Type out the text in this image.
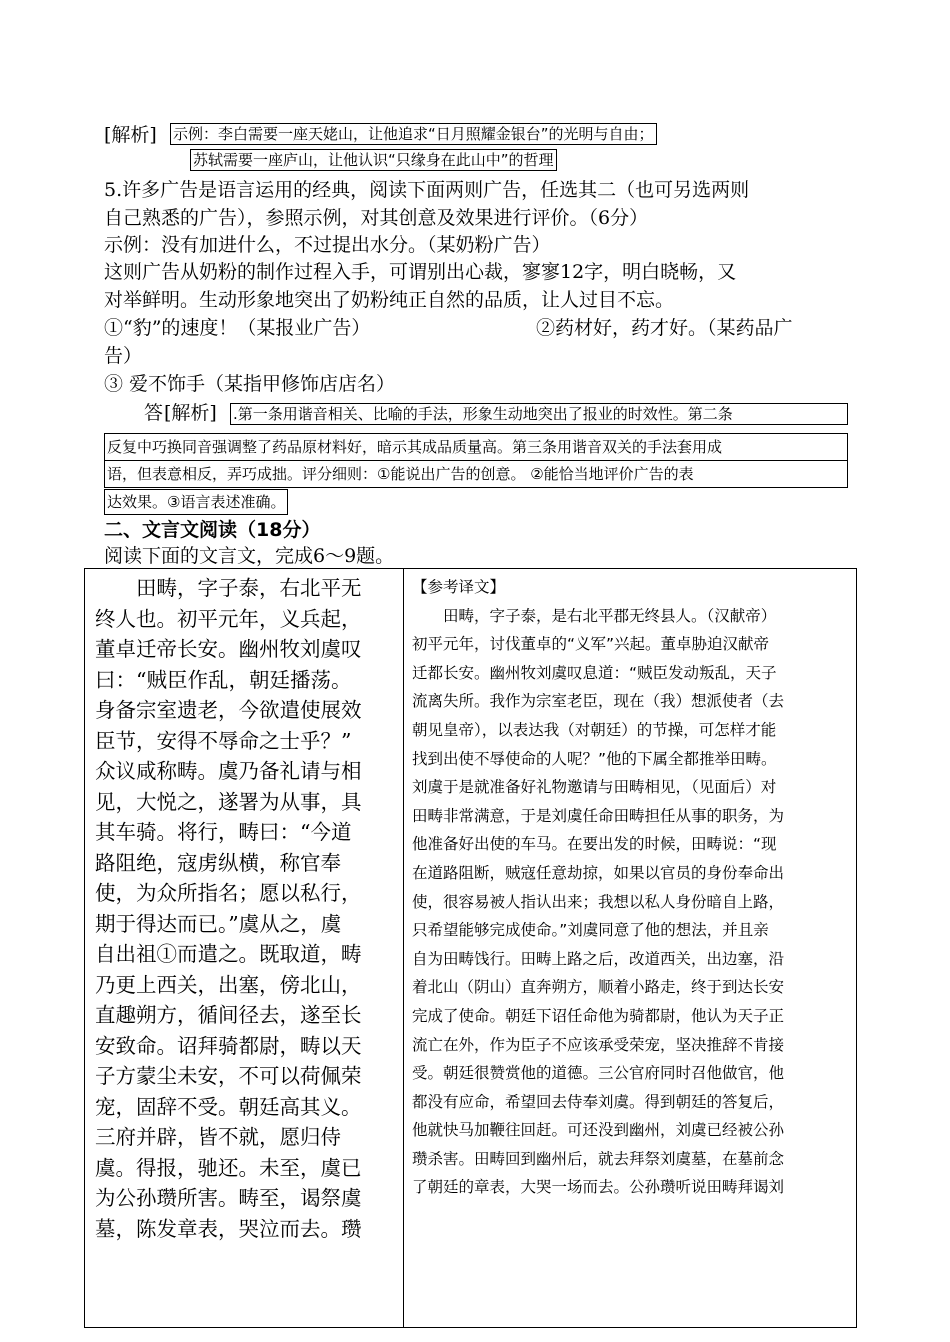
[解析] 示例：李白需要一座天姥山，让他追求“日月照耀金银台”的光明与自由；
苏轼需要一座庐山，让他认识“只缘身在此山中”的哲理
5.许多广告是语言运用的经典，阅读下面两则广告，任选其二（也可另选两则
自己熟悉的广告），参照示例，对其创意及效果进行评价。（6分）
示例：没有加进什么，不过提出水分。（某奶粉广告）
这则广告从奶粉的制作过程入手，可谓别出心裁，寥寥12字，明白晓畅，又
对举鲜明。生动形象地突出了奶粉纯正自然的品质，让人过目不忘。
①“豹”的速度！（某报业广告）	②药材好，药才好。（某药品广
告）
③ 爱不饰手（某指甲修饰店店名）
答 [解析] .第一条用谐音相关、比喻的手法，形象生动地突出了报业的时效性。第二条
反复中巧换同音强调整了药品原材料好，暗示其成品质量高。第三条用谐音双关的手法套用成
语，但表意相反，弄巧成拙。评分细则：①能说出广告的创意。 ②能恰当地评价广告的表
达效果。③语言表述准确。
二、文言文阅读（18分）
阅读下面的文言文，完成6～9题。
　　田畴，字子泰，右北平无
终人也。初平元年，义兵起，
董卓迁帝长安。幽州牧刘虞叹
曰：“贼臣作乱，朝廷播荡。
身备宗室遗老，今欲遣使展效
臣节，安得不辱命之士乎？”
众议咸称畴。虞乃备礼请与相
见，大悦之，遂署为从事，具
其车骑。将行，畴曰：“今道
路阻绝，寇虏纵横，称官奉
使，为众所指名；愿以私行，
期于得达而已。”虞从之，虞
自出祖①而遣之。既取道，畴
乃更上西关，出塞，傍北山，
直趣朔方，循间径去，遂至长
安致命。诏拜骑都尉，畴以天
子方蒙尘未安，不可以荷佩荣
宠，固辞不受。朝廷高其义。
三府并辟，皆不就，愿归侍
虞。得报，驰还。未至，虞已
为公孙瓒所害。畴至，谒祭虞
墓，陈发章表，哭泣而去。瓒

【参考译文】
　　田畴，字子泰，是右北平郡无终县人。（汉献帝）
初平元年，讨伐董卓的“义军”兴起。董卓胁迫汉献帝
迁都长安。幽州牧刘虞叹息道：“贼臣发动叛乱，天子
流离失所。我作为宗室老臣，现在（我）想派使者（去
朝见皇帝），以表达我（对朝廷）的节操，可怎样才能
找到出使不辱使命的人呢？”他的下属全都推举田畴。
刘虞于是就准备好礼物邀请与田畴相见，（见面后）对
田畴非常满意，于是刘虞任命田畴担任从事的职务，为
他准备好出使的车马。在要出发的时候，田畴说：“现
在道路阻断，贼寇任意劫掠，如果以官员的身份奉命出
使，很容易被人指认出来；我想以私人身份暗自上路，
只希望能够完成使命。”刘虞同意了他的想法，并且亲
自为田畴饯行。田畴上路之后，改道西关，出边塞，沿
着北山（阴山）直奔朔方，顺着小路走，终于到达长安
完成了使命。朝廷下诏任命他为骑都尉，他认为天子正
流亡在外，作为臣子不应该承受荣宠，坚决推辞不肯接
受。朝廷很赞赏他的道德。三公官府同时召他做官，他
都没有应命，希望回去侍奉刘虞。得到朝廷的答复后，
他就快马加鞭往回赶。可还没到幽州，刘虞已经被公孙
瓒杀害。田畴回到幽州后，就去拜祭刘虞墓，在墓前念
了朝廷的章表，大哭一场而去。公孙瓒听说田畴拜谒刘
